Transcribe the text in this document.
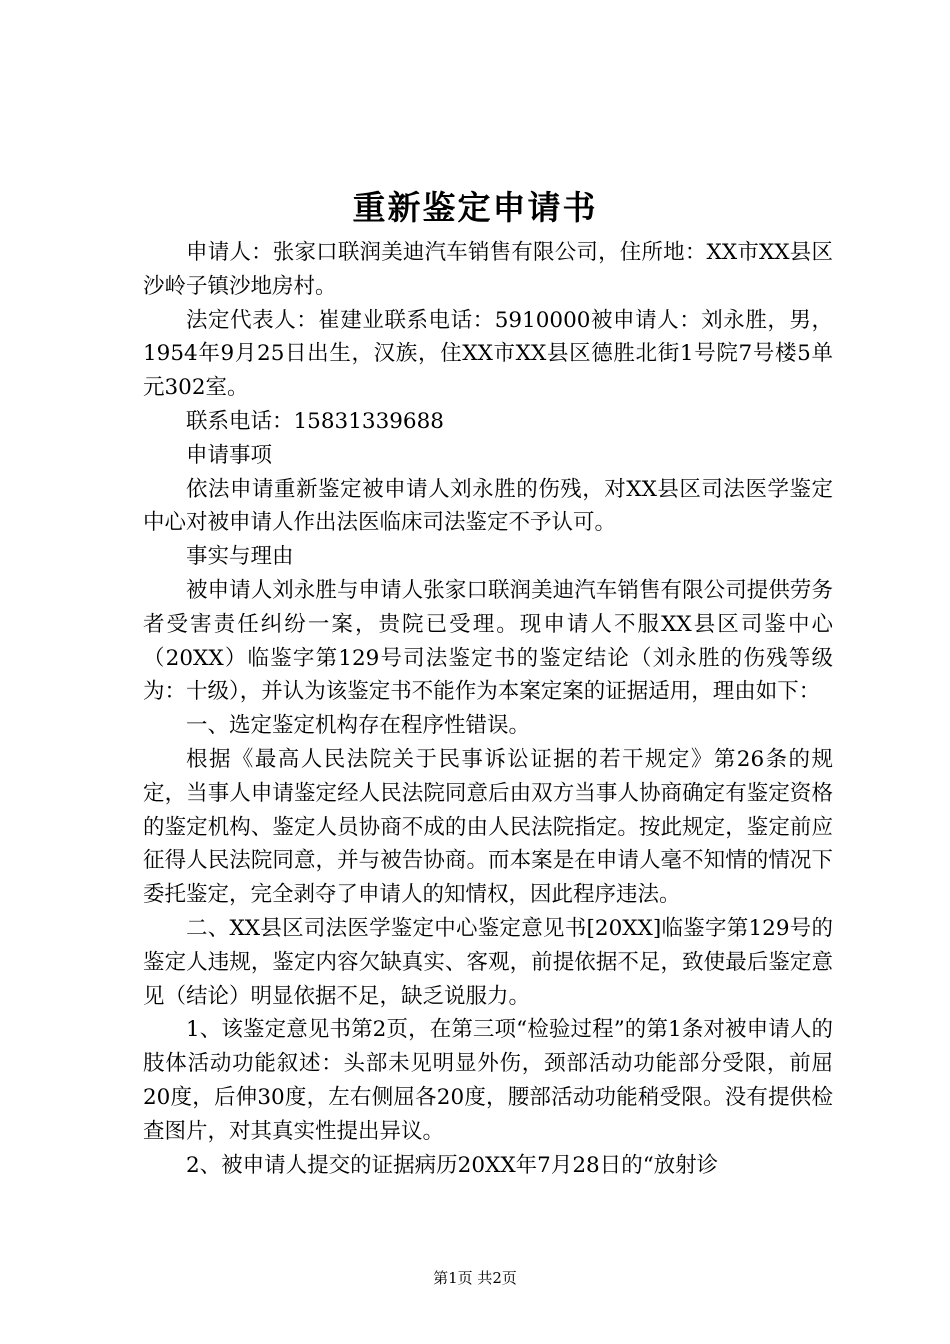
重新鉴定申请书

申请人：张家口联润美迪汽车销售有限公司，住所地：XX市XX县区沙岭子镇沙地房村。

法定代表人：崔建业联系电话：5910000被申请人：刘永胜，男，1954年9月25日出生，汉族，住XX市XX县区德胜北街1号院7号楼5单元302室。

联系电话：15831339688

申请事项

依法申请重新鉴定被申请人刘永胜的伤残，对XX县区司法医学鉴定中心对被申请人作出法医临床司法鉴定不予认可。

事实与理由

被申请人刘永胜与申请人张家口联润美迪汽车销售有限公司提供劳务者受害责任纠纷一案，贵院已受理。现申请人不服XX县区司鉴中心（20XX）临鉴字第129号司法鉴定书的鉴定结论（刘永胜的伤残等级为：十级），并认为该鉴定书不能作为本案定案的证据适用，理由如下：

一、选定鉴定机构存在程序性错误。

根据《最高人民法院关于民事诉讼证据的若干规定》第26条的规定，当事人申请鉴定经人民法院同意后由双方当事人协商确定有鉴定资格的鉴定机构、鉴定人员协商不成的由人民法院指定。按此规定，鉴定前应征得人民法院同意，并与被告协商。而本案是在申请人毫不知情的情况下委托鉴定，完全剥夺了申请人的知情权，因此程序违法。

二、XX县区司法医学鉴定中心鉴定意见书[20XX]临鉴字第129号的鉴定人违规，鉴定内容欠缺真实、客观，前提依据不足，致使最后鉴定意见（结论）明显依据不足，缺乏说服力。

1、该鉴定意见书第2页，在第三项“检验过程”的第1条对被申请人的肢体活动功能叙述：头部未见明显外伤，颈部活动功能部分受限，前屈20度，后伸30度，左右侧屈各20度，腰部活动功能稍受限。没有提供检查图片，对其真实性提出异议。

2、被申请人提交的证据病历20XX年7月28日的“放射诊

第1页 共2页
